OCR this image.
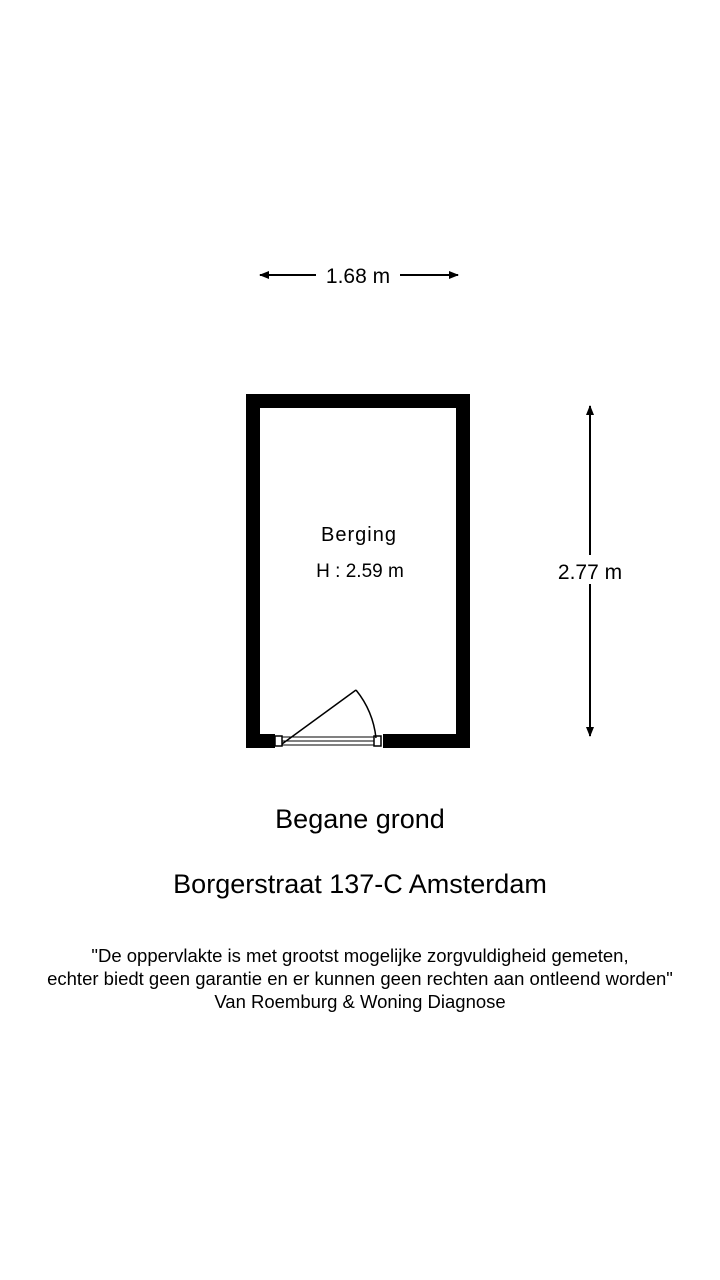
1.68 m
Berging
H : 2.59 m	2.77 m
Begane grond
Borgerstraat 137-C Amsterdam
"De oppervlakte is met grootst mogelijke zorgvuldigheid gemeten,
echter biedt geen garantie en er kunnen geen rechten aan ontleend worden"
Van Roemburg & Woning Diagnose
